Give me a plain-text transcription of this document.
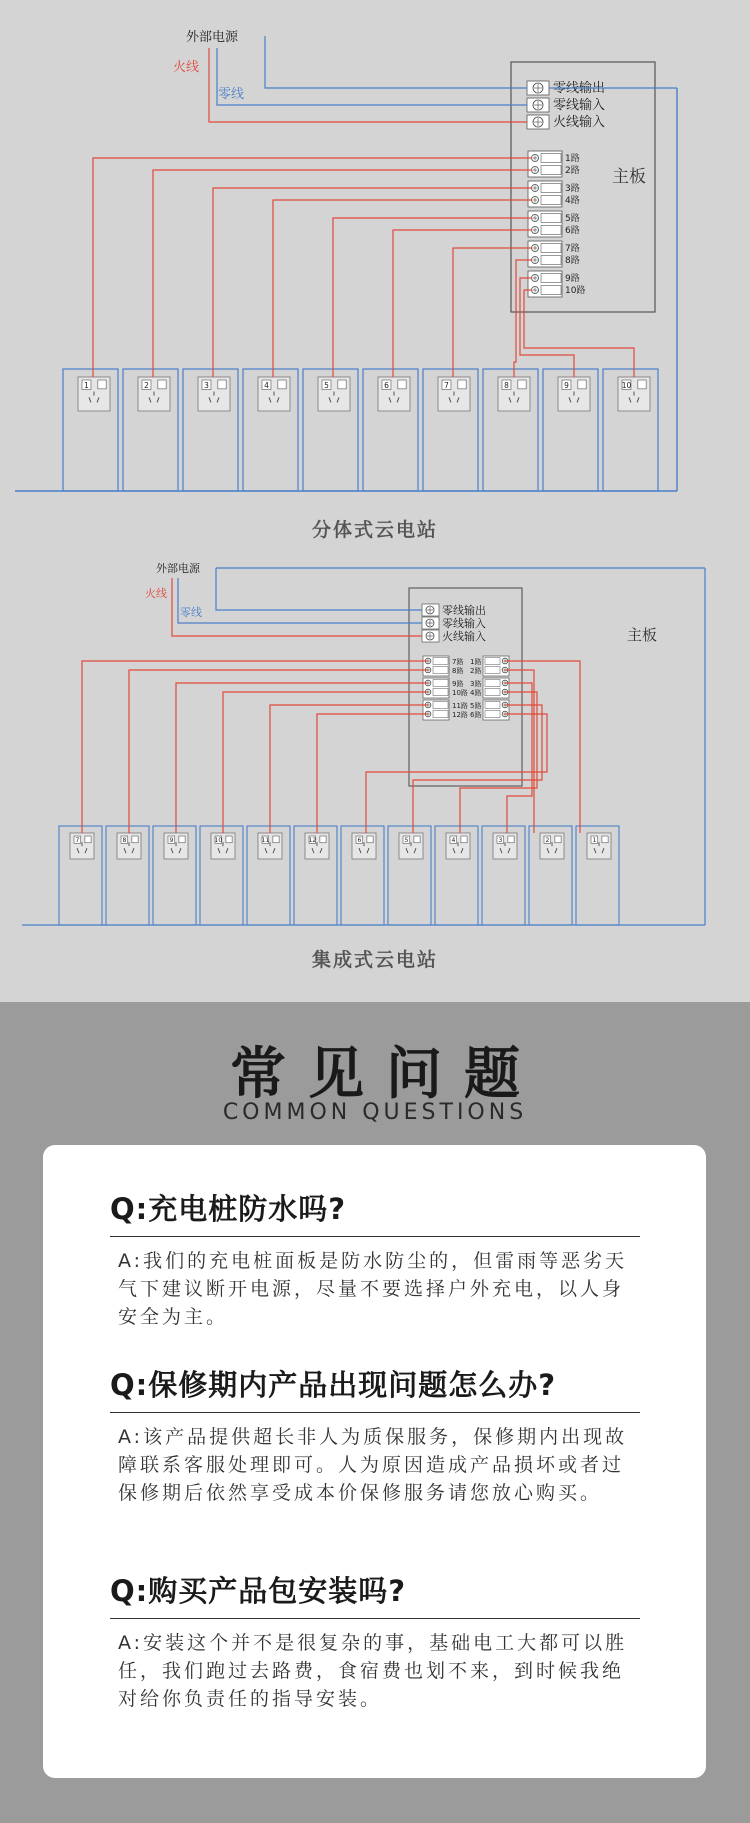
外部电源
火线
零线
主板
零线输出
零线输入
火线输入
1路
2路
3路
4路
5路
6路
7路
8路
9路
10路
1	2	3	4	5	6	7	8	9	10
分体式云电站
外部电源
火线
零线
主板
零线输出
零线输入
火线输入
7路
8路
9路
10路
11路
12路
1路
2路
3路
4路
5路
6路
7	8	9	10	11	12	6	5	4	3	2	1
集成式云电站
常见问题
COMMON QUESTIONS
Q:充电桩防水吗?
A:我们的充电桩面板是防水防尘的，但雷雨等恶劣天气下建议断开电源，尽量不要选择户外充电，以人身安全为主。
Q:保修期内产品出现问题怎么办?
A:该产品提供超长非人为质保服务，保修期内出现故障联系客服处理即可。人为原因造成产品损坏或者过保修期后依然享受成本价保修服务请您放心购买。
Q:购买产品包安装吗?
A:安装这个并不是很复杂的事，基础电工大都可以胜任，我们跑过去路费，食宿费也划不来，到时候我绝对给你负责任的指导安装。
